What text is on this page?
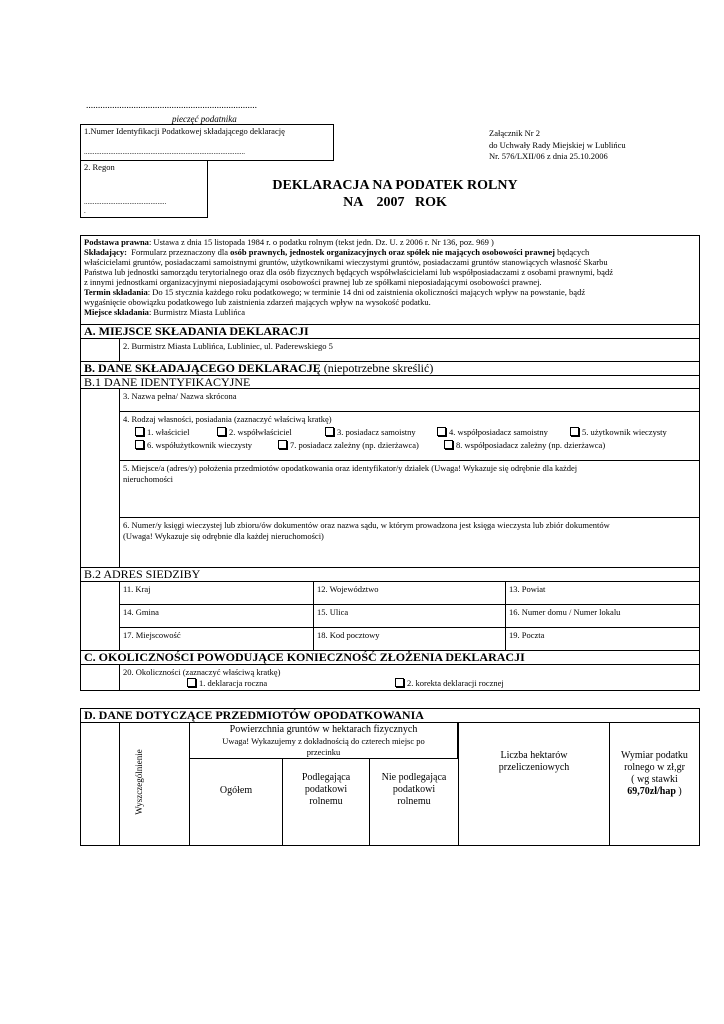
........................................................................
pieczęć podatnika
1.Numer Identyfikacji Podatkowej składającego deklarację
............................................................................................
2. Regon
...............................................
.
Załącznik Nr 2
do Uchwały Rady Miejskiej w Lublińcu
Nr. 576/LXII/06 z dnia 25.10.2006
DEKLARACJA NA PODATEK ROLNY
NA    2007   ROK
Podstawa prawna: Ustawa z dnia 15 listopada 1984 r. o podatku rolnym (tekst jedn. Dz. U. z 2006 r. Nr 136, poz. 969 )
Składający:  Formularz przeznaczony dla osób prawnych, jednostek organizacyjnych oraz spółek nie mających osobowości prawnej będących
właścicielami gruntów, posiadaczami samoistnymi gruntów, użytkownikami wieczystymi gruntów, posiadaczami gruntów stanowiących własność Skarbu
Państwa lub jednostki samorządu terytorialnego oraz dla osób fizycznych będących współwłaścicielami lub współposiadaczami z osobami prawnymi, bądź
z innymi jednostkami organizacyjnymi nieposiadającymi osobowości prawnej lub ze spółkami nieposiadającymi osobowości prawnej.
Termin składania: Do 15 stycznia każdego roku podatkowego; w terminie 14 dni od zaistnienia okoliczności mających wpływ na powstanie, bądź
wygaśnięcie obowiązku podatkowego lub zaistnienia zdarzeń mających wpływ na wysokość podatku.
Miejsce składania: Burmistrz Miasta Lublińca
A. MIEJSCE SKŁADANIA DEKLARACJI
2. Burmistrz Miasta Lublińca, Lubliniec, ul. Paderewskiego 5
B. DANE SKŁADAJĄCEGO DEKLARACJĘ (niepotrzebne skreślić)
B.1 DANE IDENTYFIKACYJNE
3. Nazwa pełna/ Nazwa skrócona
4. Rodzaj własności, posiadania (zaznaczyć właściwą kratkę)
1. właściciel	2. współwłaściciel	3. posiadacz samoistny	4. współposiadacz samoistny	5. użytkownik wieczysty
6. współużytkownik wieczysty	7. posiadacz zależny (np. dzierżawca)	8. współposiadacz zależny (np. dzierżawca)
5. Miejsce/a (adres/y) położenia przedmiotów opodatkowania oraz identyfikator/y działek (Uwaga! Wykazuje się odrębnie dla każdej
nieruchomości
6. Numer/y księgi wieczystej lub zbioru/ów dokumentów oraz nazwa sądu, w którym prowadzona jest księga wieczysta lub zbiór dokumentów
(Uwaga! Wykazuje się odrębnie dla każdej nieruchomości)
B.2 ADRES SIEDZIBY
11. Kraj	12. Województwo	13. Powiat
14. Gmina	15. Ulica	16. Numer domu / Numer lokalu
17. Miejscowość	18. Kod pocztowy	19. Poczta
C. OKOLICZNOŚCI POWODUJĄCE KONIECZNOŚĆ ZŁOŻENIA DEKLARACJI
20. Okoliczności (zaznaczyć właściwą kratkę)
1. deklaracja roczna	2. korekta deklaracji rocznej
D. DANE DOTYCZĄCE PRZEDMIOTÓW OPODATKOWANIA
Wyszczególnienie
Powierzchnia gruntów w hektarach fizycznych
Uwaga! Wykazujemy z dokładnością do czterech miejsc po
przecinku
Ogółem
Podlegająca
podatkowi
rolnemu
Nie podlegająca
podatkowi
rolnemu
Liczba hektarów
przeliczeniowych
Wymiar podatku
rolnego w zł,gr
( wg stawki
69,70zł/hap )
